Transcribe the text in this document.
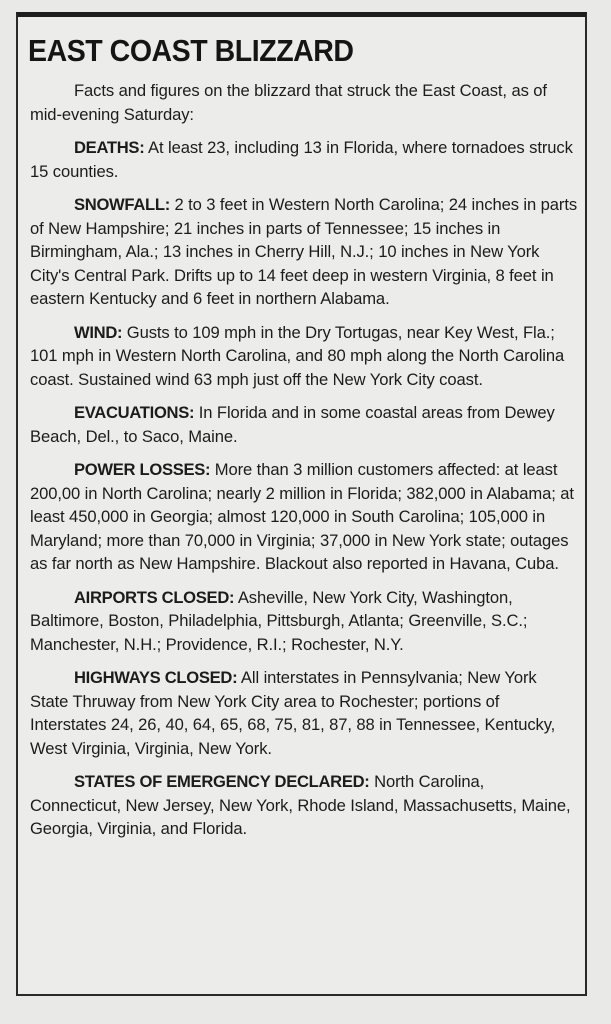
EAST COAST BLIZZARD

Facts and figures on the blizzard that struck the East Coast, as of mid-evening Saturday:

DEATHS: At least 23, including 13 in Florida, where tornadoes struck 15 counties.

SNOWFALL: 2 to 3 feet in Western North Carolina; 24 inches in parts of New Hampshire; 21 inches in parts of Tennessee; 15 inches in Birmingham, Ala.; 13 inches in Cherry Hill, N.J.; 10 inches in New York City's Central Park. Drifts up to 14 feet deep in western Virginia, 8 feet in eastern Kentucky and 6 feet in northern Alabama.

WIND: Gusts to 109 mph in the Dry Tortugas, near Key West, Fla.; 101 mph in Western North Carolina, and 80 mph along the North Carolina coast. Sustained wind 63 mph just off the New York City coast.

EVACUATIONS: In Florida and in some coastal areas from Dewey Beach, Del., to Saco, Maine.

POWER LOSSES: More than 3 million customers affected: at least 200,00 in North Carolina; nearly 2 million in Florida; 382,000 in Alabama; at least 450,000 in Georgia; almost 120,000 in South Carolina; 105,000 in Maryland; more than 70,000 in Virginia; 37,000 in New York state; outages as far north as New Hampshire. Blackout also reported in Havana, Cuba.

AIRPORTS CLOSED: Asheville, New York City, Washington, Baltimore, Boston, Philadelphia, Pittsburgh, Atlanta; Greenville, S.C.; Manchester, N.H.; Providence, R.I.; Rochester, N.Y.

HIGHWAYS CLOSED: All interstates in Pennsylvania; New York State Thruway from New York City area to Rochester; portions of Interstates 24, 26, 40, 64, 65, 68, 75, 81, 87, 88 in Tennessee, Kentucky, West Virginia, Virginia, New York.

STATES OF EMERGENCY DECLARED: North Carolina, Connecticut, New Jersey, New York, Rhode Island, Massachusetts, Maine, Georgia, Virginia, and Florida.
